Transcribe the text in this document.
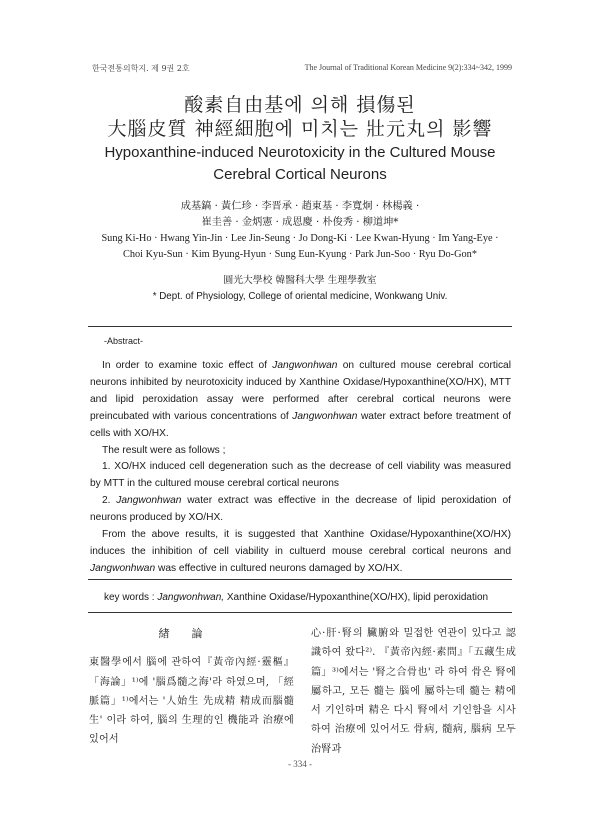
한국전통의학지. 제 9권 2호	The Journal of Traditional Korean Medicine 9(2):334~342, 1999
酸素自由基에 의해 損傷된
大腦皮質 神經細胞에 미치는 壯元丸의 影響
Hypoxanthine-induced Neurotoxicity in the Cultured Mouse
Cerebral Cortical Neurons
成基鎬 · 黃仁珍 · 李晋承 · 趙東基 · 李寬炯 · 林楊義 ·
崔圭善 · 金炳憲 · 成恩慶 · 朴俊秀 · 柳道坤*
Sung Ki-Ho · Hwang Yin-Jin · Lee Jin-Seung · Jo Dong-Ki · Lee Kwan-Hyung · Im Yang-Eye ·
Choi Kyu-Sun · Kim Byung-Hyun · Sung Eun-Kyung · Park Jun-Soo · Ryu Do-Gon*
圓光大學校 韓醫科大學 生理學敎室
* Dept. of Physiology, College of oriental medicine, Wonkwang Univ.
-Abstract-

In order to examine toxic effect of Jangwonhwan on cultured mouse cerebral cortical neurons inhibited by neurotoxicity induced by Xanthine Oxidase/Hypoxanthine(XO/HX), MTT and lipid peroxidation assay were performed after cerebral cortical neurons were preincubated with various concentrations of Jangwonhwan water extract before treatment of cells with XO/HX.

The result were as follows ;

1. XO/HX induced cell degeneration such as the decrease of cell viability was measured by MTT in the cultured mouse cerebral cortical neurons

2. Jangwonhwan water extract was effective in the decrease of lipid peroxidation of neurons produced by XO/HX.

From the above results, it is suggested that Xanthine Oxidase/Hypoxanthine(XO/HX) induces the inhibition of cell viability in cultuerd mouse cerebral cortical neurons and Jangwonhwan was effective in cultured neurons damaged by XO/HX.

key words : Jangwonhwan, Xanthine Oxidase/Hypoxanthine(XO/HX), lipid peroxidation
緖論

東醫學에서 腦에 관하여『黃帝內經·靈樞』「海論」¹⁾에 '腦爲髓之海'라 하였으며, 「經脈篇」¹⁾에서는 '人始生 先成精 精成而腦髓生' 이라 하여, 腦의 生理的인 機能과 治療에 있어서

心·肝·腎의 臟腑와 밀접한 연관이 있다고 認識하여 왔다²⁾. 『黃帝內經·素問』「五藏生成篇」³⁾에서는 '腎之合骨也' 라 하여 骨은 腎에 屬하고, 모든 髓는 腦에 屬하는데 髓는 精에서 기인하며 精은 다시 腎에서 기인함을 시사하여 治療에 있어서도 骨病, 髓病, 腦病 모두 治腎과

- 334 -
